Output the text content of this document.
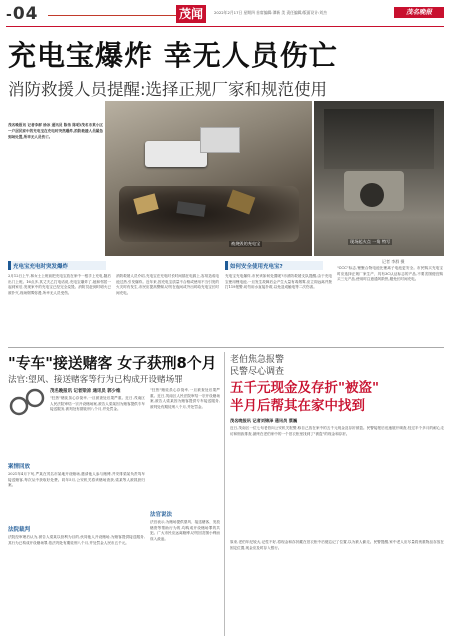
-04	茂闻	2022年2月17日 星期四 首席编辑:谭新 美 责任编辑/版面设计:刘杰	茂名晚报
充电宝爆炸 幸无人员伤亡
消防救援人员提醒:选择正规厂家和规范使用

茂名晚报讯 记者李群 徐冰 通讯员 陈伟 陈明)茂名市某小区一户居民家中的充电宝在充电时突然爆炸,消防救援人员紧急到场处置,所幸无人员伤亡。

被烧毁的充电宝	现场起火点 一角 特写
记者 李群 摄
充电宝充电时突发爆炸	如何安全使用充电宝?

2月12日上午,林女士上班前把充电宝放在家中一根手上充电,随后出门上班。16点多,其丈夫乙打电话说,充电宝爆炸了,她和邻居一起到家后,发现家中的充电宝已经完全烧毁。消防员赶到时明火已被扑灭,现场烟雾弥漫,所幸无人员受伤。

消防救援人员介绍,充电宝在充电时长时间插在电源上,容易造成电池过热,引发爆炸。近年来,因充电宝质量不合格或使用不当引发的火灾时有发生,市民应提高警惕,切勿在夜间或外出时给充电宝长时间充电。

充电宝充电爆炸,市民该如何处置呢?市消防救援支队提醒,由于充电宝使用锂电池,一旦发生故障后会产生大量有毒烟雾,应立即远离并拨打119报警,切勿用水直接扑救,以免造成触电等二次伤害。

"CCC"标志,锂聚合物电池比锂离子电池更安全。市民购买充电宝时应选择正规厂家生产、具有3C认证标志的产品,不要贪图便宜购买三无产品,使用时注意通风散热,避免长时间充电。

"专车"接送赌客 女子获刑8个月
法官:望风、接送赌客等行为已构成开设赌场罪
茂名晚报讯 记者梁凉 通讯员 郭少维

"狂热"赌徒虽心存侥幸,一旦被查处后果严重。近日,茂南区人民法院审结一宗开设赌场案,被告人梁某因为赌客提供专车接送服务,被判处有期徒刑八个月,并处罚金。

案情回放

2021年4月下旬,严某在茂名市某地开设赌场,邀请他人参与赌博,并安排梁某负责驾车接送赌客,每次从中获取好处费。同年5月,公安机关将该赌场查获,梁某等人被抓获归案。

法院裁判

法院经审理后认为,被告人梁某以营利为目的,伙同他人开设赌场,为赌客提供接送服务,其行为已构成开设赌场罪,依法判处有期徒刑八个月,并处罚金人民币五千元。

"狂热"赌徒虽心存侥幸,一旦被查处后果严重。近日,茂南区人民法院审结一宗开设赌场案,被告人梁某因为赌客提供专车接送服务,被判处有期徒刑八个月,并处罚金。

法官说法

法官表示,为赌场提供望风、接送赌客、发放赌资等帮助行为的,均构成开设赌场罪的共犯。广大市民应远离赌博,切勿因贪图小利而误入歧途。

老伯焦急报警
民警尽心调查
五千元现金及存折"被盗"
半月后帮其在家中找到
茂名晚报讯 记者刘锦泽 通讯员 蔡巍

近日,茂南区一位七旬老伯向公安机关报警,称自己放在家中的五千元现金及存折被盗。民警接报后迅速展开调查,经过半个多月的耐心走访和细致排查,最终在老伯家中的一个旧衣柜里找到了"被盗"的现金和存折。

原来,老伯年纪较大,记性不好,将现金和存折藏在旧衣柜中后便忘记了位置,以为被人偷走。民警提醒,家中老人应尽量将贵重物品存放在固定位置,现金应及时存入银行。
